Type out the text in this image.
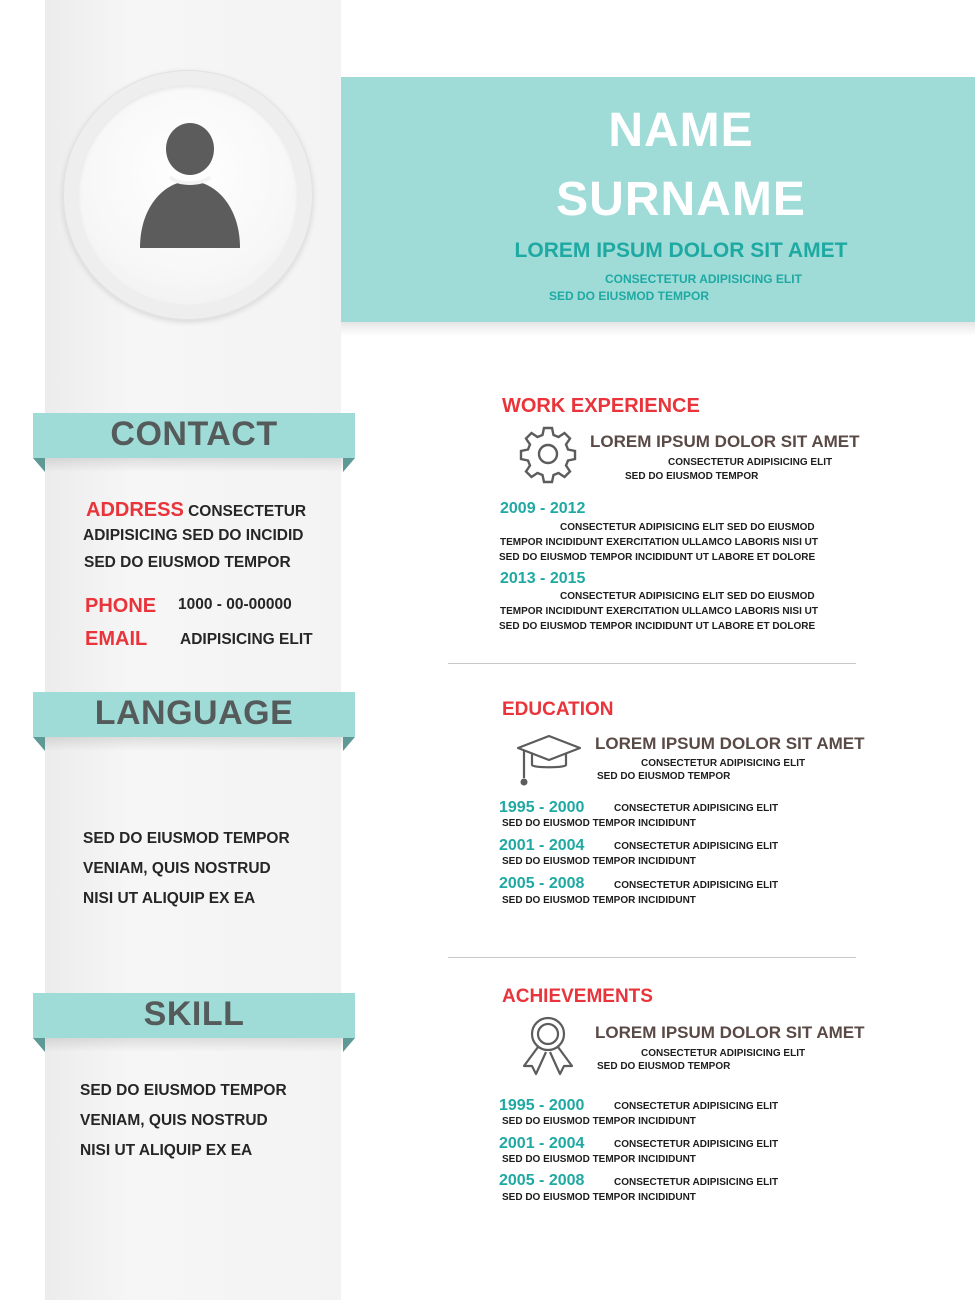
CONTACT
ADDRESS CONSECTETUR
ADIPISICING SED DO INCIDID
SED DO EIUSMOD TEMPOR
PHONE 1000 - 00-00000
EMAIL ADIPISICING ELIT
LANGUAGE
SED DO EIUSMOD TEMPOR
VENIAM, QUIS NOSTRUD
NISI UT ALIQUIP EX EA
SKILL
SED DO EIUSMOD TEMPOR
VENIAM, QUIS NOSTRUD
NISI UT ALIQUIP EX EA
NAME
SURNAME
LOREM IPSUM DOLOR SIT AMET
CONSECTETUR ADIPISICING ELIT
SED DO EIUSMOD TEMPOR
WORK EXPERIENCE
LOREM IPSUM DOLOR SIT AMET
CONSECTETUR ADIPISICING ELIT
SED DO EIUSMOD TEMPOR
2009 - 2012
CONSECTETUR ADIPISICING ELIT SED DO EIUSMOD
TEMPOR INCIDIDUNT EXERCITATION ULLAMCO LABORIS NISI UT
SED DO EIUSMOD TEMPOR INCIDIDUNT UT LABORE ET DOLORE
2013 - 2015
CONSECTETUR ADIPISICING ELIT SED DO EIUSMOD
TEMPOR INCIDIDUNT EXERCITATION ULLAMCO LABORIS NISI UT
SED DO EIUSMOD TEMPOR INCIDIDUNT UT LABORE ET DOLORE
EDUCATION
LOREM IPSUM DOLOR SIT AMET
CONSECTETUR ADIPISICING ELIT
SED DO EIUSMOD TEMPOR
1995 - 2000	CONSECTETUR ADIPISICING ELIT
SED DO EIUSMOD TEMPOR INCIDIDUNT
2001 - 2004	CONSECTETUR ADIPISICING ELIT
SED DO EIUSMOD TEMPOR INCIDIDUNT
2005 - 2008	CONSECTETUR ADIPISICING ELIT
SED DO EIUSMOD TEMPOR INCIDIDUNT
ACHIEVEMENTS
LOREM IPSUM DOLOR SIT AMET
CONSECTETUR ADIPISICING ELIT
SED DO EIUSMOD TEMPOR
1995 - 2000	CONSECTETUR ADIPISICING ELIT
SED DO EIUSMOD TEMPOR INCIDIDUNT
2001 - 2004	CONSECTETUR ADIPISICING ELIT
SED DO EIUSMOD TEMPOR INCIDIDUNT
2005 - 2008	CONSECTETUR ADIPISICING ELIT
SED DO EIUSMOD TEMPOR INCIDIDUNT
